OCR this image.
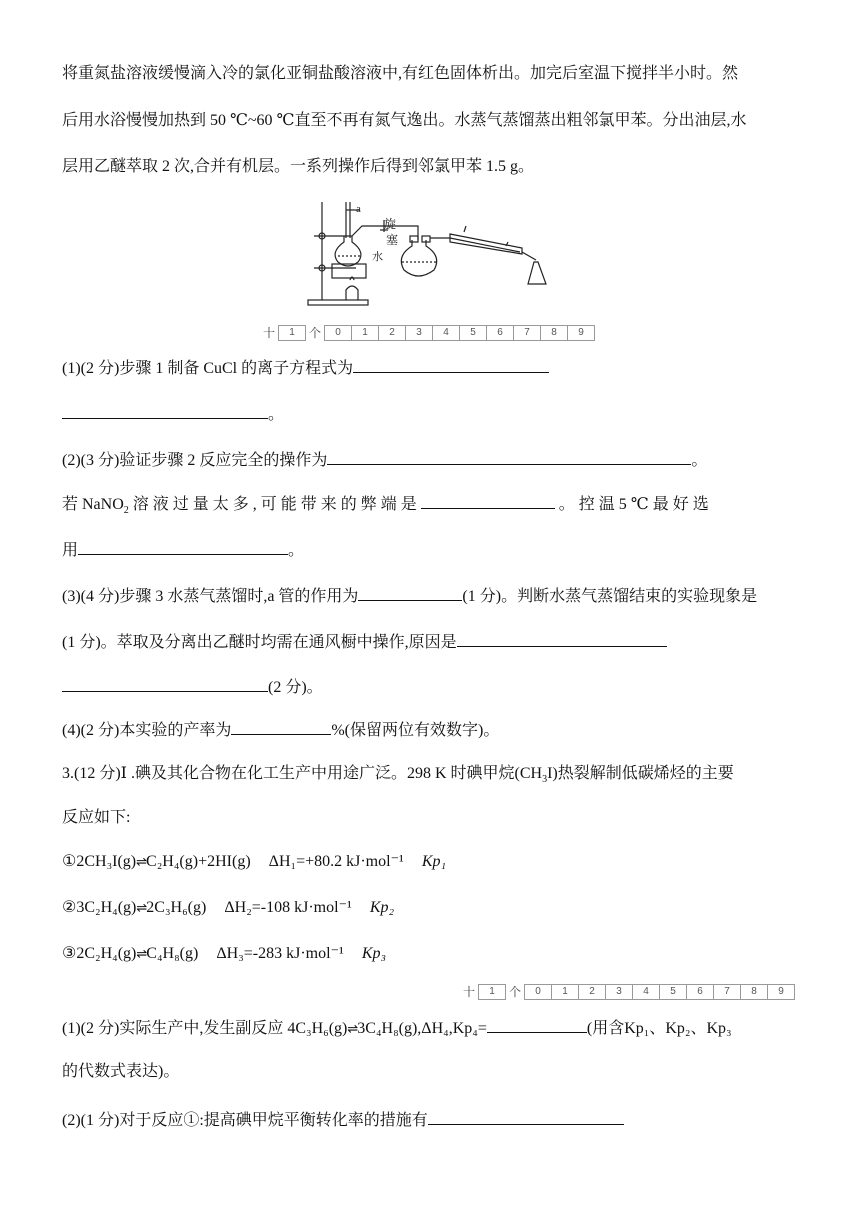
将重氮盐溶液缓慢滴入冷的氯化亚铜盐酸溶液中,有红色固体析出。加完后室温下搅拌半小时。然
后用水浴慢慢加热到 50 ℃~60 ℃直至不再有氮气逸出。水蒸气蒸馏蒸出粗邻氯甲苯。分出油层,水
层用乙醚萃取 2 次,合并有机层。一系列操作后得到邻氯甲苯 1.5 g。
a
旋
塞
水
十	1	个	0	1	2	3	4	5	6	7	8	9
(1)(2 分)步骤 1 制备 CuCl 的离子方程式为
。
(2)(3 分)验证步骤 2 反应完全的操作为	。
若 NaNO$_2$ 溶 液 过 量 太 多 , 可 能 带 来 的 弊 端 是	。 控 温 5 ℃ 最 好 选
用	。
(3)(4 分)步骤 3 水蒸气蒸馏时,a 管的作用为	(1 分)。判断水蒸气蒸馏结束的实验现象是
(1 分)。萃取及分离出乙醚时均需在通风橱中操作,原因是
(2 分)。
(4)(2 分)本实验的产率为	%(保留两位有效数字)。
3.(12 分)Ⅰ .碘及其化合物在化工生产中用途广泛。298 K 时碘甲烷$(CH_3I)$热裂解制低碳烯烃的主要
反应如下:
①2CH₃I(g)⇌C₂H₄(g)+2HI(g) ΔH₁=+80.2 kJ·mol⁻¹ Kp₁
②3C₂H₄(g)⇌2C₃H₆(g) ΔH₂=-108 kJ·mol⁻¹ Kp₂
③2C₂H₄(g)⇌C₄H₈(g) ΔH₃=-283 kJ·mol⁻¹ Kp₃
十	1	个	0	1	2	3	4	5	6	7	8	9
(1)(2 分)实际生产中,发生副反应 4C₃H₆(g)⇌3C₄H₈(g),ΔH₄,Kp₄=	(用含Kp₁、Kp₂、Kp₃
的代数式表达)。
(2)(1 分)对于反应①:提高碘甲烷平衡转化率的措施有
